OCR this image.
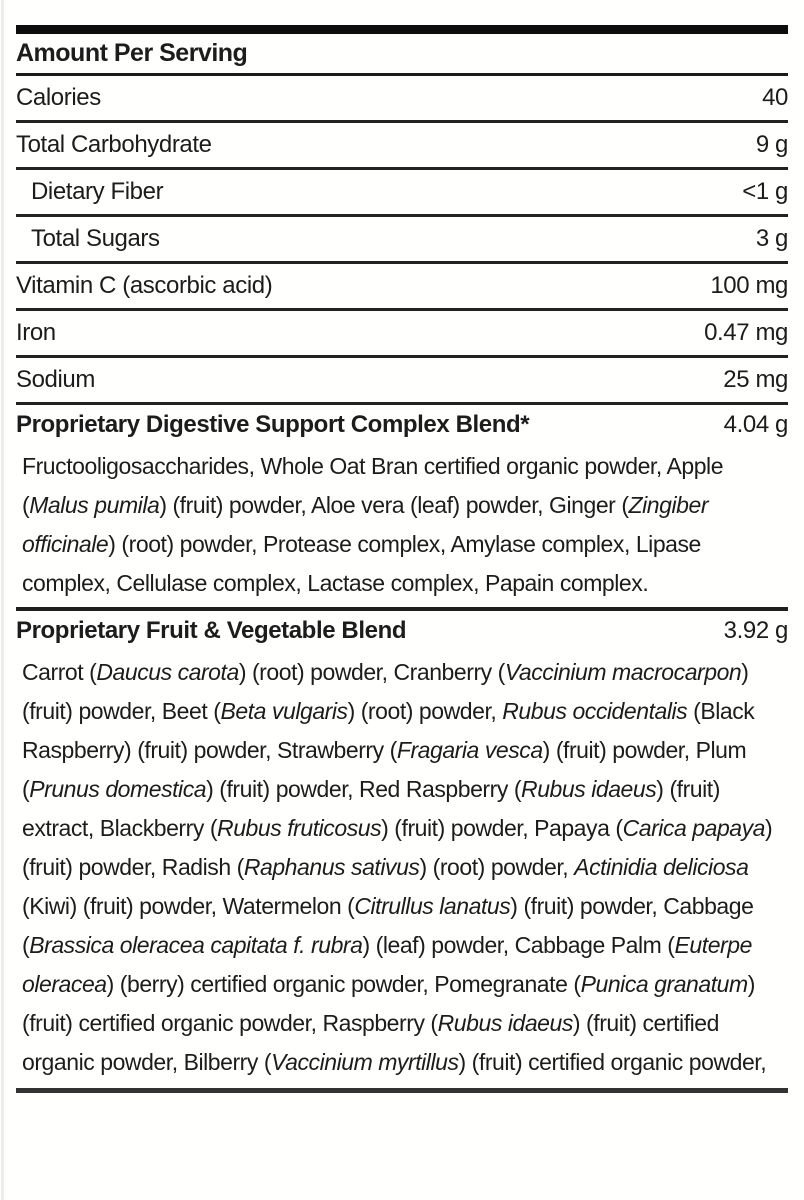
Amount Per Serving
Calories	40
Total Carbohydrate	9 g
Dietary Fiber	<1 g
Total Sugars	3 g
Vitamin C (ascorbic acid)	100 mg
Iron	0.47 mg
Sodium	25 mg
Proprietary Digestive Support Complex Blend*	4.04 g

Fructooligosaccharides, Whole Oat Bran certified organic powder, Apple (Malus pumila) (fruit) powder, Aloe vera (leaf) powder, Ginger (Zingiber officinale) (root) powder, Protease complex, Amylase complex, Lipase complex, Cellulase complex, Lactase complex, Papain complex.

Proprietary Fruit & Vegetable Blend	3.92 g

Carrot (Daucus carota) (root) powder, Cranberry (Vaccinium macrocarpon) (fruit) powder, Beet (Beta vulgaris) (root) powder, Rubus occidentalis (Black Raspberry) (fruit) powder, Strawberry (Fragaria vesca) (fruit) powder, Plum (Prunus domestica) (fruit) powder, Red Raspberry (Rubus idaeus) (fruit) extract, Blackberry (Rubus fruticosus) (fruit) powder, Papaya (Carica papaya) (fruit) powder, Radish (Raphanus sativus) (root) powder, Actinidia deliciosa (Kiwi) (fruit) powder, Watermelon (Citrullus lanatus) (fruit) powder, Cabbage (Brassica oleracea capitata f. rubra) (leaf) powder, Cabbage Palm (Euterpe oleracea) (berry) certified organic powder, Pomegranate (Punica granatum) (fruit) certified organic powder, Raspberry (Rubus idaeus) (fruit) certified organic powder, Bilberry (Vaccinium myrtillus) (fruit) certified organic powder,
